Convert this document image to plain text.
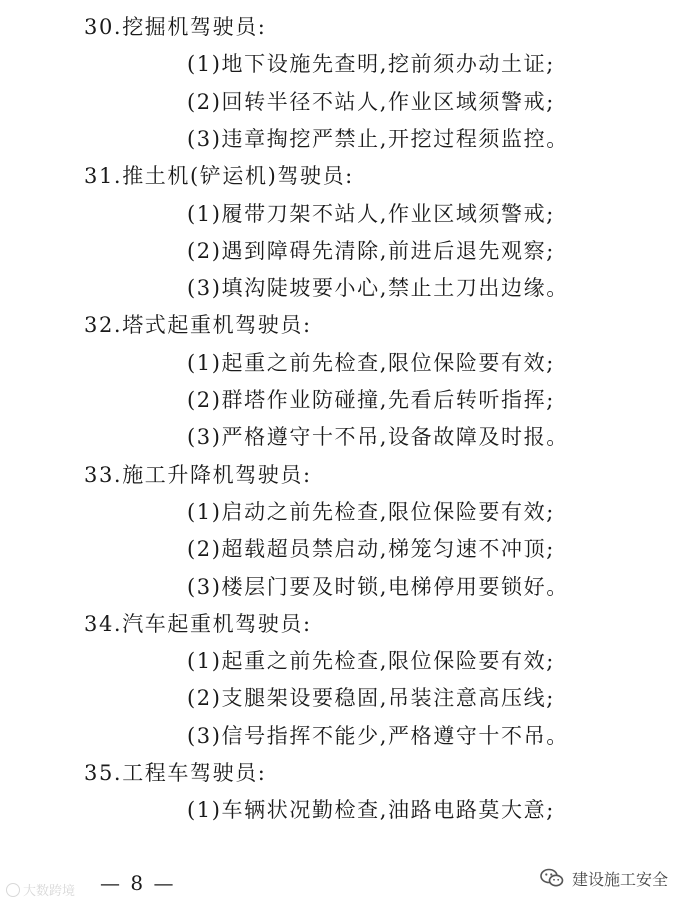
30.挖掘机驾驶员:
(1)地下设施先查明,挖前须办动土证;
(2)回转半径不站人,作业区域须警戒;
(3)违章掏挖严禁止,开挖过程须监控。
31.推土机(铲运机)驾驶员:
(1)履带刀架不站人,作业区域须警戒;
(2)遇到障碍先清除,前进后退先观察;
(3)填沟陡坡要小心,禁止土刀出边缘。
32.塔式起重机驾驶员:
(1)起重之前先检查,限位保险要有效;
(2)群塔作业防碰撞,先看后转听指挥;
(3)严格遵守十不吊,设备故障及时报。
33.施工升降机驾驶员:
(1)启动之前先检查,限位保险要有效;
(2)超载超员禁启动,梯笼匀速不冲顶;
(3)楼层门要及时锁,电梯停用要锁好。
34.汽车起重机驾驶员:
(1)起重之前先检查,限位保险要有效;
(2)支腿架设要稳固,吊装注意高压线;
(3)信号指挥不能少,严格遵守十不吊。
35.工程车驾驶员:
(1)车辆状况勤检查,油路电路莫大意;
— 8 —
大数跨境
建设施工安全
